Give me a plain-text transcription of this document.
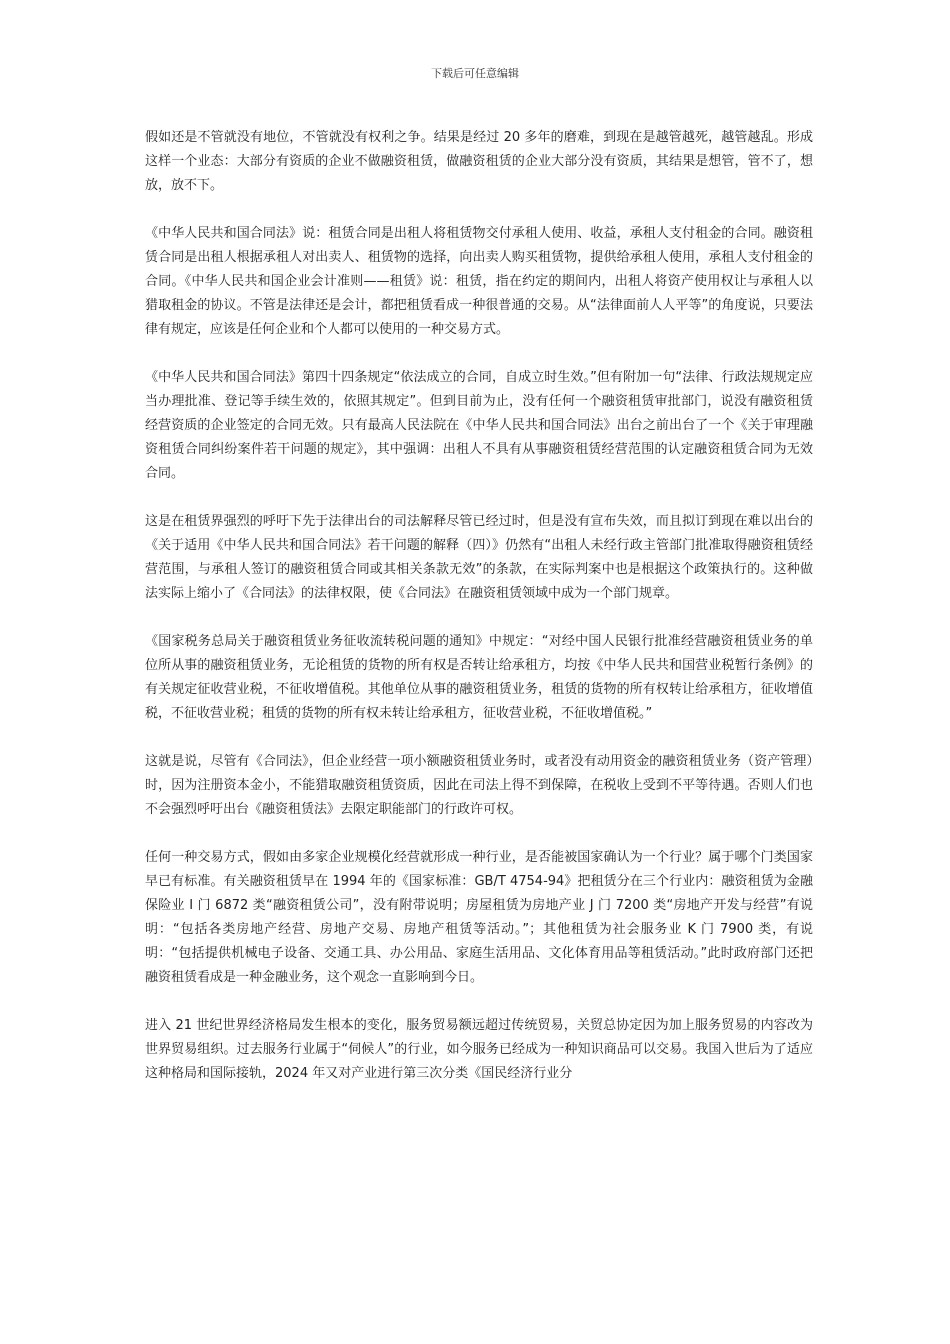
下载后可任意编辑

假如还是不管就没有地位，不管就没有权利之争。结果是经过 20 多年的磨难，到现在是越管越死，越管越乱。形成这样一个业态：大部分有资质的企业不做融资租赁，做融资租赁的企业大部分没有资质，其结果是想管，管不了，想放，放不下。

《中华人民共和国合同法》说：租赁合同是出租人将租赁物交付承租人使用、收益，承租人支付租金的合同。融资租赁合同是出租人根据承租人对出卖人、租赁物的选择，向出卖人购买租赁物，提供给承租人使用，承租人支付租金的合同。《中华人民共和国企业会计准则——租赁》说：租赁，指在约定的期间内，出租人将资产使用权让与承租人以猎取租金的协议。不管是法律还是会计，都把租赁看成一种很普通的交易。从“法律面前人人平等”的角度说，只要法律有规定，应该是任何企业和个人都可以使用的一种交易方式。

《中华人民共和国合同法》第四十四条规定“依法成立的合同，自成立时生效。”但有附加一句“法律、行政法规规定应当办理批准、登记等手续生效的，依照其规定”。但到目前为止，没有任何一个融资租赁审批部门，说没有融资租赁经营资质的企业签定的合同无效。只有最高人民法院在《中华人民共和国合同法》出台之前出台了一个《关于审理融资租赁合同纠纷案件若干问题的规定》，其中强调：出租人不具有从事融资租赁经营范围的认定融资租赁合同为无效合同。

这是在租赁界强烈的呼吁下先于法律出台的司法解释尽管已经过时，但是没有宣布失效，而且拟订到现在难以出台的《关于适用《中华人民共和国合同法》若干问题的解释（四）》仍然有“出租人未经行政主管部门批准取得融资租赁经营范围，与承租人签订的融资租赁合同或其相关条款无效”的条款，在实际判案中也是根据这个政策执行的。这种做法实际上缩小了《合同法》的法律权限，使《合同法》在融资租赁领域中成为一个部门规章。

《国家税务总局关于融资租赁业务征收流转税问题的通知》中规定：“对经中国人民银行批准经营融资租赁业务的单位所从事的融资租赁业务，无论租赁的货物的所有权是否转让给承租方，均按《中华人民共和国营业税暂行条例》的有关规定征收营业税，不征收增值税。其他单位从事的融资租赁业务，租赁的货物的所有权转让给承租方，征收增值税，不征收营业税；租赁的货物的所有权未转让给承租方，征收营业税，不征收增值税。”

这就是说，尽管有《合同法》，但企业经营一项小额融资租赁业务时，或者没有动用资金的融资租赁业务（资产管理）时，因为注册资本金小，不能猎取融资租赁资质，因此在司法上得不到保障，在税收上受到不平等待遇。否则人们也不会强烈呼吁出台《融资租赁法》去限定职能部门的行政许可权。

任何一种交易方式，假如由多家企业规模化经营就形成一种行业，是否能被国家确认为一个行业？属于哪个门类国家早已有标准。有关融资租赁早在 1994 年的《国家标准：GB/T 4754-94》把租赁分在三个行业内：融资租赁为金融保险业 I 门 6872 类“融资租赁公司”，没有附带说明；房屋租赁为房地产业 J 门 7200 类“房地产开发与经营”有说明：“包括各类房地产经营、房地产交易、房地产租赁等活动。”；其他租赁为社会服务业 K 门 7900 类，有说明：“包括提供机械电子设备、交通工具、办公用品、家庭生活用品、文化体育用品等租赁活动。”此时政府部门还把融资租赁看成是一种金融业务，这个观念一直影响到今日。

进入 21 世纪世界经济格局发生根本的变化，服务贸易额远超过传统贸易，关贸总协定因为加上服务贸易的内容改为世界贸易组织。过去服务行业属于“伺候人”的行业，如今服务已经成为一种知识商品可以交易。我国入世后为了适应这种格局和国际接轨，2024 年又对产业进行第三次分类《国民经济行业分
